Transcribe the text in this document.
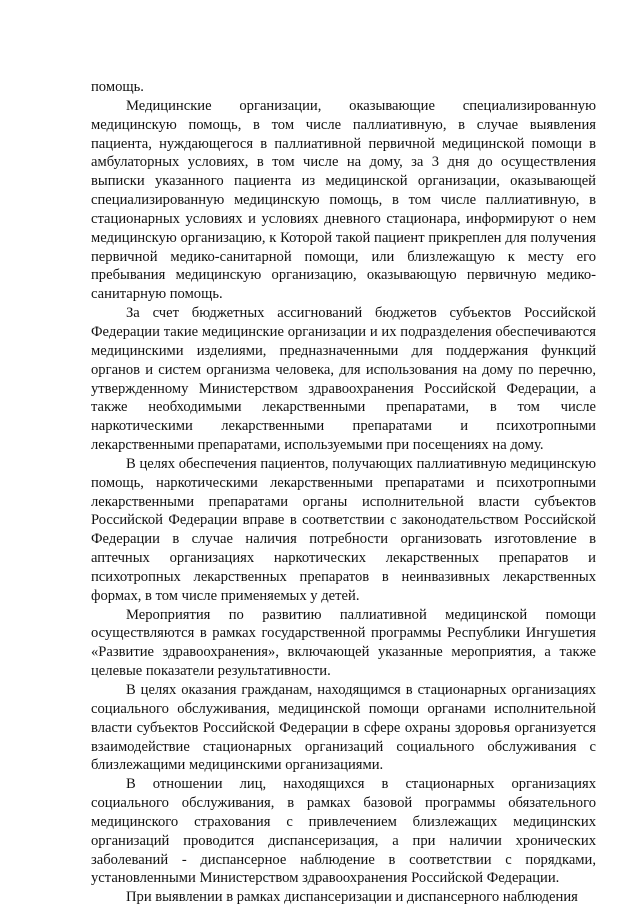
помощь.

Медицинские организации, оказывающие специализированную медицинскую помощь, в том числе паллиативную, в случае выявления пациента, нуждающегося в паллиативной первичной медицинской помощи в амбулаторных условиях, в том числе на дому, за 3 дня до осуществления выписки указанного пациента из медицинской организации, оказывающей специализированную медицинскую помощь, в том числе паллиативную, в стационарных условиях и условиях дневного стационара, информируют о нем медицинскую организацию, к Которой такой пациент прикреплен для получения первичной медико-санитарной помощи, или близлежащую к месту его пребывания медицинскую организацию, оказывающую первичную медико-санитарную помощь.

За счет бюджетных ассигнований бюджетов субъектов Российской Федерации такие медицинские организации и их подразделения обеспечиваются медицинскими изделиями, предназначенными для поддержания функций органов и систем организма человека, для использования на дому по перечню, утвержденному Министерством здравоохранения Российской Федерации, а также необходимыми лекарственными препаратами, в том числе наркотическими лекарственными препаратами и психотропными лекарственными препаратами, используемыми при посещениях на дому.

В целях обеспечения пациентов, получающих паллиативную медицинскую помощь, наркотическими лекарственными препаратами и психотропными лекарственными препаратами органы исполнительной власти субъектов Российской Федерации вправе в соответствии с законодательством Российской Федерации в случае наличия потребности организовать изготовление в аптечных организациях наркотических лекарственных препаратов и психотропных лекарственных препаратов в неинвазивных лекарственных формах, в том числе применяемых у детей.

Мероприятия по развитию паллиативной медицинской помощи осуществляются в рамках государственной программы Республики Ингушетия «Развитие здравоохранения», включающей указанные мероприятия, а также целевые показатели результативности.

В целях оказания гражданам, находящимся в стационарных организациях социального обслуживания, медицинской помощи органами исполнительной власти субъектов Российской Федерации в сфере охраны здоровья организуется взаимодействие стационарных организаций социального обслуживания с близлежащими медицинскими организациями.

В отношении лиц, находящихся в стационарных организациях социального обслуживания, в рамках базовой программы обязательного медицинского страхования с привлечением близлежащих медицинских организаций проводится диспансеризация, а при наличии хронических заболеваний - диспансерное наблюдение в соответствии с порядками, установленными Министерством здравоохранения Российской Федерации.

При выявлении в рамках диспансеризации и диспансерного наблюдения
